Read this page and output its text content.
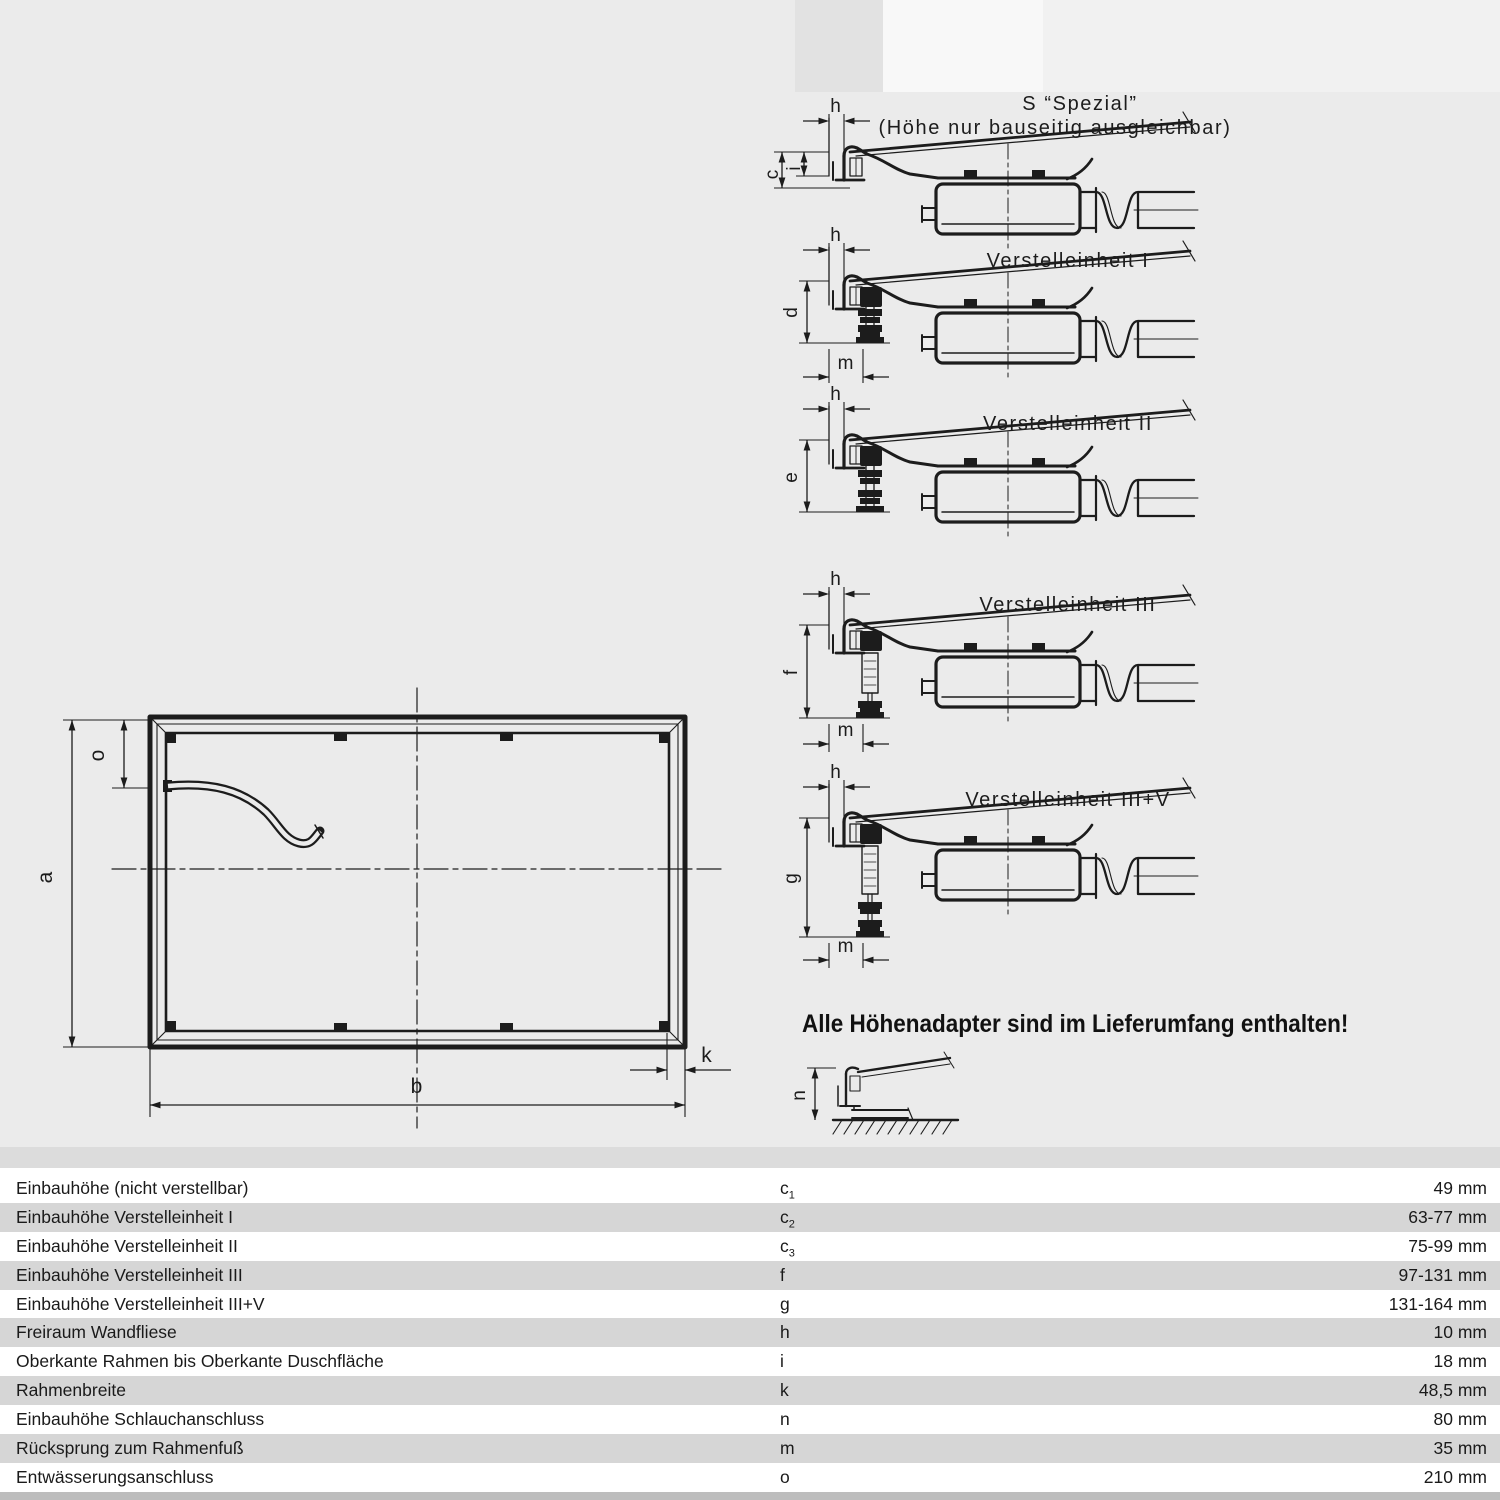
h	S “Spezial”
(Höhe nur bauseitig ausgleichbar)
c
i
h
Verstelleinheit I
d
m
h
Verstelleinheit II
e
h
Verstelleinheit III
f
m
h
Verstelleinheit III+V
g
m
a
o
b
k
Alle Höhenadapter sind im Lieferumfang enthalten!
n
Einbauhöhe (nicht verstellbar)	$c_1$	49 mm
Einbauhöhe Verstelleinheit I	$c_2$	63-77 mm
Einbauhöhe Verstelleinheit II	$c_3$	75-99 mm
Einbauhöhe Verstelleinheit III	f	97-131 mm
Einbauhöhe Verstelleinheit III+V	g	131-164 mm
Freiraum Wandfliese	h	10 mm
Oberkante Rahmen bis Oberkante Duschfläche	i	18 mm
Rahmenbreite	k	48,5 mm
Einbauhöhe Schlauchanschluss	n	80 mm
Rücksprung zum Rahmenfuß	m	35 mm
Entwässerungsanschluss	o	210 mm
